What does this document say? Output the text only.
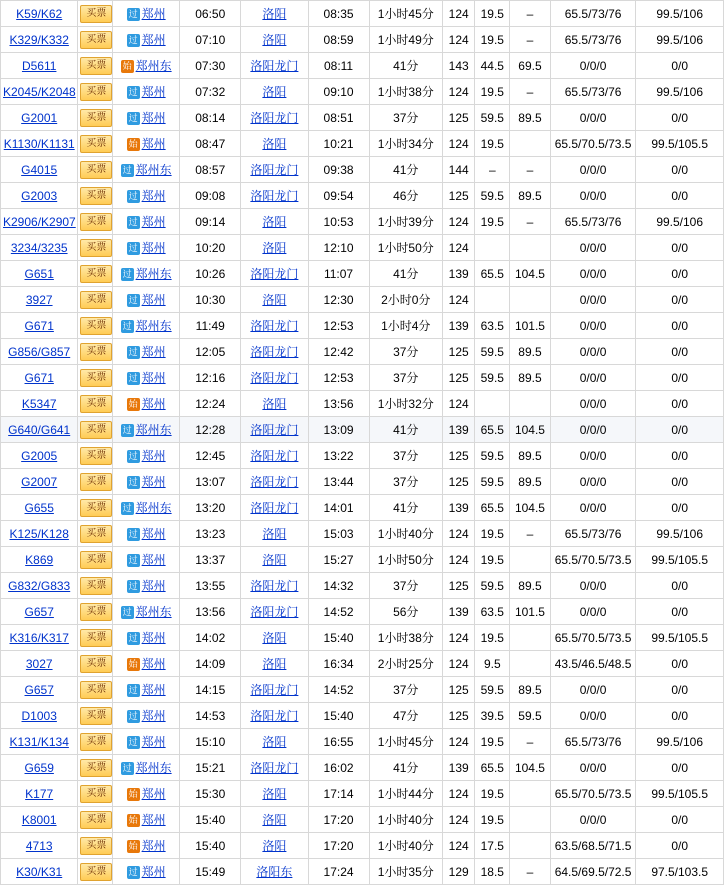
K59/K62	买票	过 郑州	06:50	洛阳	08:35	1小时45分	124	19.5	–	65.5/73/76	99.5/106
K329/K332	买票	过 郑州	07:10	洛阳	08:59	1小时49分	124	19.5	–	65.5/73/76	99.5/106
D5611	买票	始 郑州东	07:30	洛阳龙门	08:11	41分	143	44.5	69.5	0/0/0	0/0
K2045/K2048	买票	过 郑州	07:32	洛阳	09:10	1小时38分	124	19.5	–	65.5/73/76	99.5/106
G2001	买票	过 郑州	08:14	洛阳龙门	08:51	37分	125	59.5	89.5	0/0/0	0/0
K1130/K1131	买票	始 郑州	08:47	洛阳	10:21	1小时34分	124	19.5		65.5/70.5/73.5	99.5/105.5
G4015	买票	过 郑州东	08:57	洛阳龙门	09:38	41分	144	–	–	0/0/0	0/0
G2003	买票	过 郑州	09:08	洛阳龙门	09:54	46分	125	59.5	89.5	0/0/0	0/0
K2906/K2907	买票	过 郑州	09:14	洛阳	10:53	1小时39分	124	19.5	–	65.5/73/76	99.5/106
3234/3235	买票	过 郑州	10:20	洛阳	12:10	1小时50分	124			0/0/0	0/0
G651	买票	过 郑州东	10:26	洛阳龙门	11:07	41分	139	65.5	104.5	0/0/0	0/0
3927	买票	过 郑州	10:30	洛阳	12:30	2小时0分	124			0/0/0	0/0
G671	买票	过 郑州东	11:49	洛阳龙门	12:53	1小时4分	139	63.5	101.5	0/0/0	0/0
G856/G857	买票	过 郑州	12:05	洛阳龙门	12:42	37分	125	59.5	89.5	0/0/0	0/0
G671	买票	过 郑州	12:16	洛阳龙门	12:53	37分	125	59.5	89.5	0/0/0	0/0
K5347	买票	始 郑州	12:24	洛阳	13:56	1小时32分	124			0/0/0	0/0
G640/G641	买票	过 郑州东	12:28	洛阳龙门	13:09	41分	139	65.5	104.5	0/0/0	0/0
G2005	买票	过 郑州	12:45	洛阳龙门	13:22	37分	125	59.5	89.5	0/0/0	0/0
G2007	买票	过 郑州	13:07	洛阳龙门	13:44	37分	125	59.5	89.5	0/0/0	0/0
G655	买票	过 郑州东	13:20	洛阳龙门	14:01	41分	139	65.5	104.5	0/0/0	0/0
K125/K128	买票	过 郑州	13:23	洛阳	15:03	1小时40分	124	19.5	–	65.5/73/76	99.5/106
K869	买票	过 郑州	13:37	洛阳	15:27	1小时50分	124	19.5		65.5/70.5/73.5	99.5/105.5
G832/G833	买票	过 郑州	13:55	洛阳龙门	14:32	37分	125	59.5	89.5	0/0/0	0/0
G657	买票	过 郑州东	13:56	洛阳龙门	14:52	56分	139	63.5	101.5	0/0/0	0/0
K316/K317	买票	过 郑州	14:02	洛阳	15:40	1小时38分	124	19.5		65.5/70.5/73.5	99.5/105.5
3027	买票	始 郑州	14:09	洛阳	16:34	2小时25分	124	9.5		43.5/46.5/48.5	0/0
G657	买票	过 郑州	14:15	洛阳龙门	14:52	37分	125	59.5	89.5	0/0/0	0/0
D1003	买票	过 郑州	14:53	洛阳龙门	15:40	47分	125	39.5	59.5	0/0/0	0/0
K131/K134	买票	过 郑州	15:10	洛阳	16:55	1小时45分	124	19.5	–	65.5/73/76	99.5/106
G659	买票	过 郑州东	15:21	洛阳龙门	16:02	41分	139	65.5	104.5	0/0/0	0/0
K177	买票	始 郑州	15:30	洛阳	17:14	1小时44分	124	19.5		65.5/70.5/73.5	99.5/105.5
K8001	买票	始 郑州	15:40	洛阳	17:20	1小时40分	124	19.5		0/0/0	0/0
4713	买票	始 郑州	15:40	洛阳	17:20	1小时40分	124	17.5		63.5/68.5/71.5	0/0
K30/K31	买票	过 郑州	15:49	洛阳东	17:24	1小时35分	129	18.5	–	64.5/69.5/72.5	97.5/103.5
